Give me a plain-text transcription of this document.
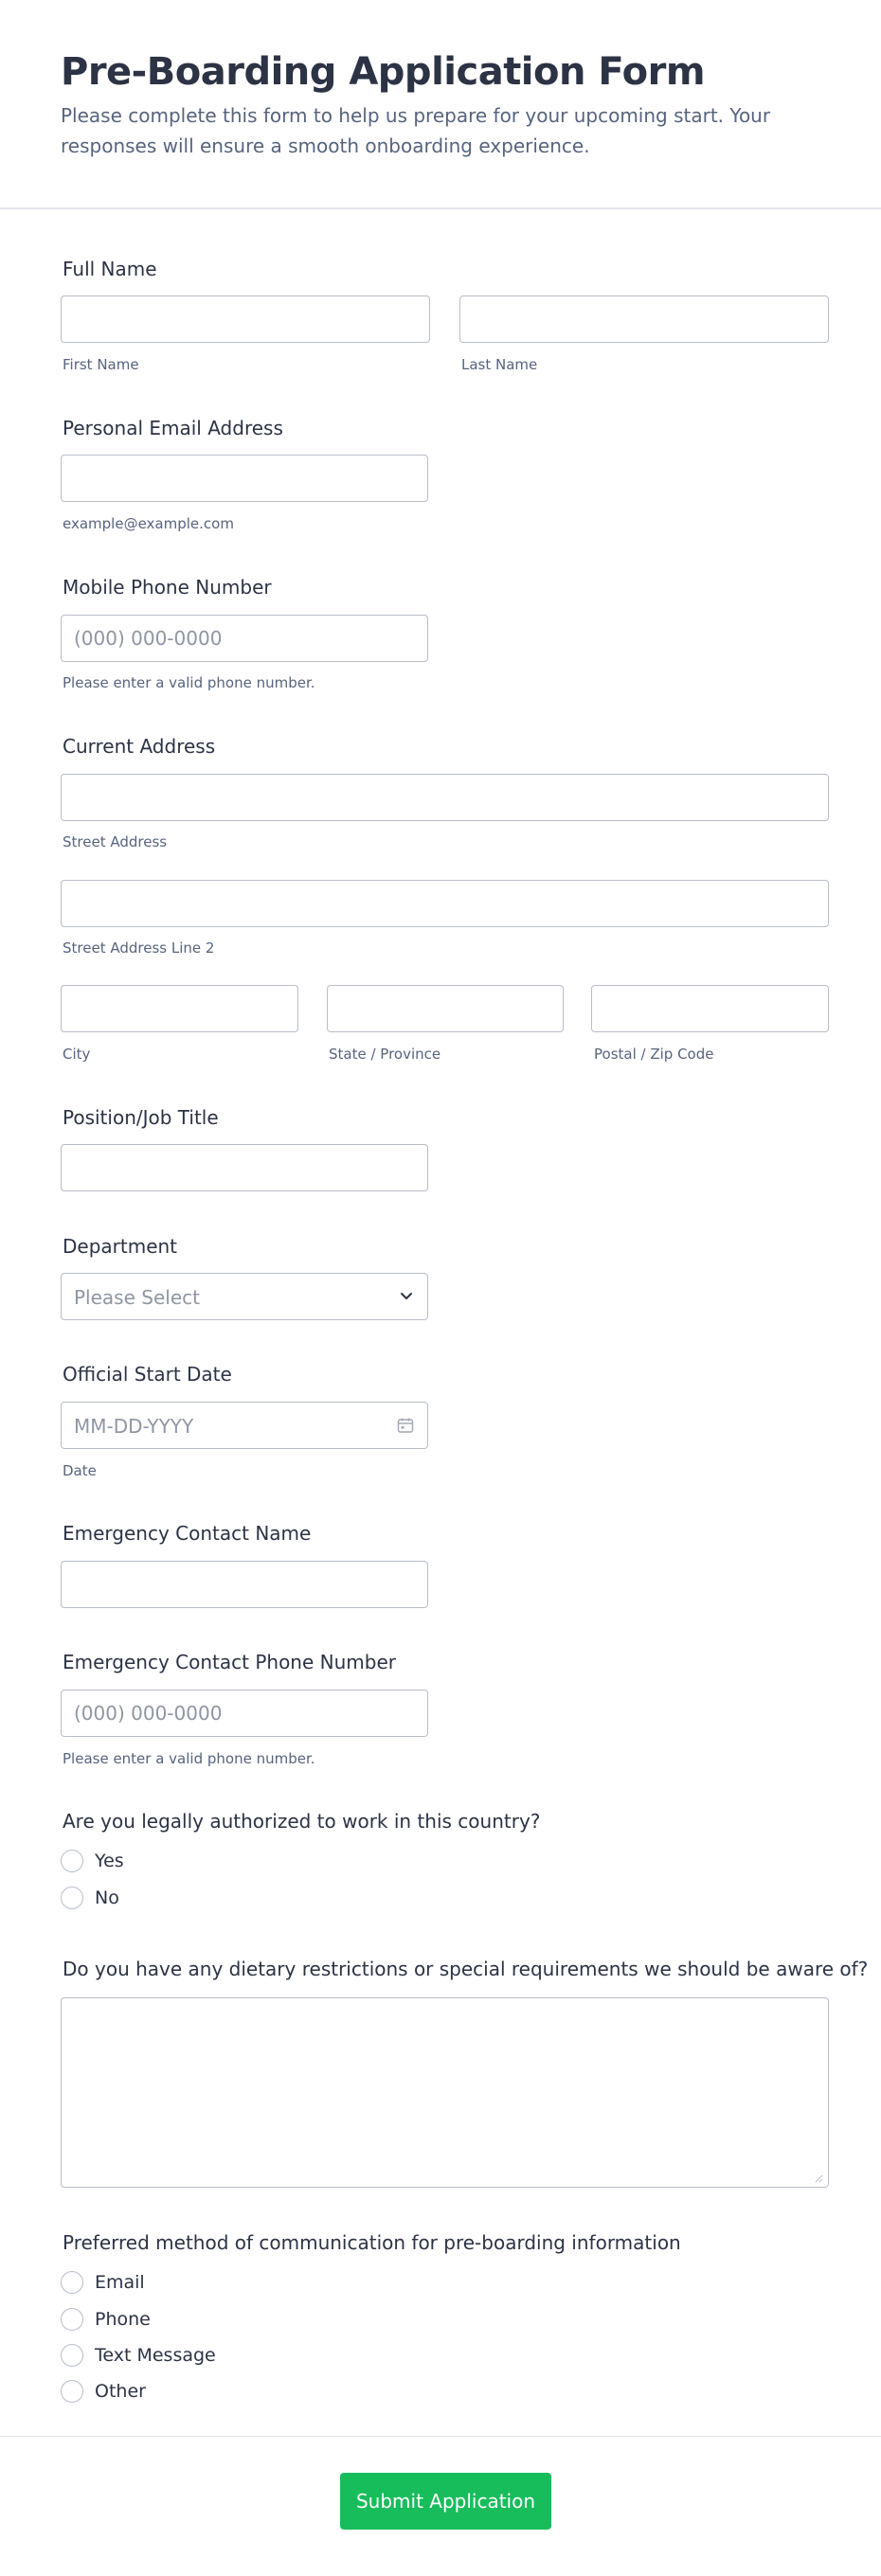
Pre-Boarding Application Form

Please complete this form to help us prepare for your upcoming start. Your responses will ensure a smooth onboarding experience.

Full Name
First Name	Last Name
Personal Email Address
example@example.com
Mobile Phone Number
(000) 000-0000
Please enter a valid phone number.
Current Address
Street Address
Street Address Line 2
City	State / Province	Postal / Zip Code
Position/Job Title
Department
Please Select
Official Start Date
MM-DD-YYYY
Date
Emergency Contact Name
Emergency Contact Phone Number
(000) 000-0000
Please enter a valid phone number.
Are you legally authorized to work in this country?
Yes
No
Do you have any dietary restrictions or special requirements we should be aware of?
Preferred method of communication for pre-boarding information
Email
Phone
Text Message
Other
Submit Application
